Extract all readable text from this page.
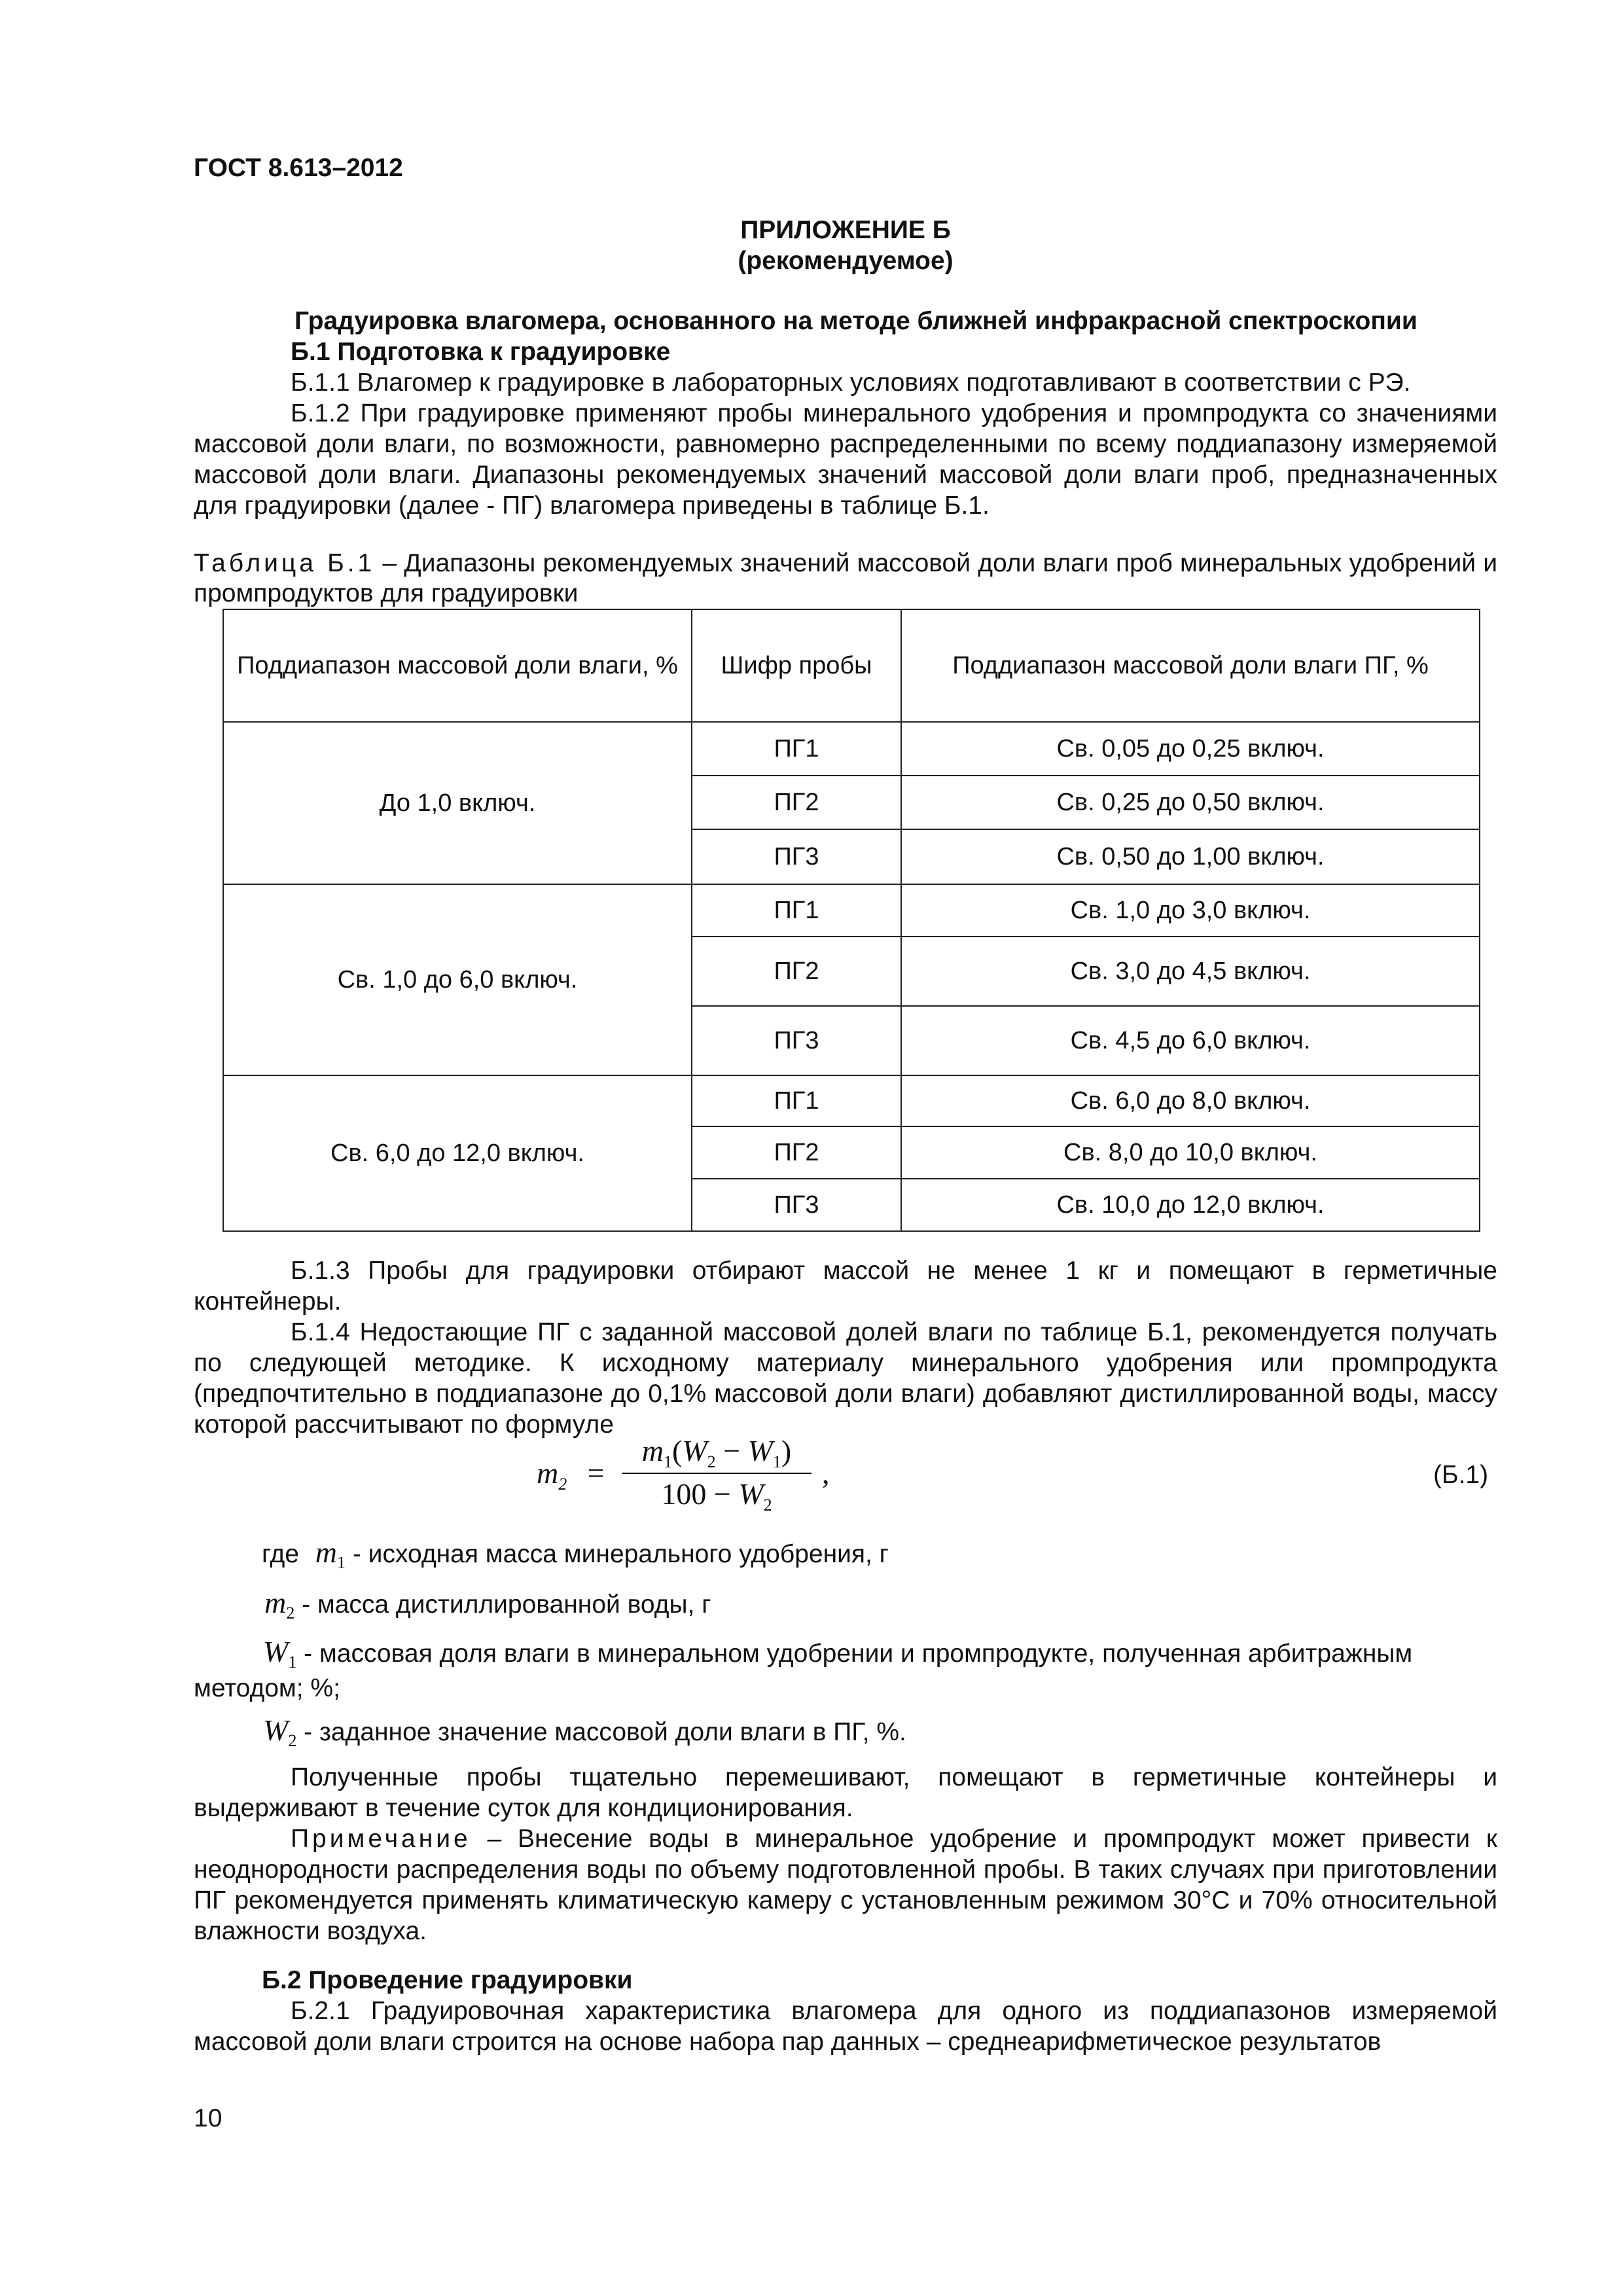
ГОСТ 8.613–2012
ПРИЛОЖЕНИЕ Б
(рекомендуемое)
Градуировка влагомера, основанного на методе ближней инфракрасной спектроскопии
Б.1 Подготовка к градуировке
Б.1.1 Влагомер к градуировке в лабораторных условиях подготавливают в соответствии с РЭ.
Б.1.2 При градуировке применяют пробы минерального удобрения и промпродукта со значениями массовой доли влаги, по возможности, равномерно распределенными по всему поддиапазону измеряемой массовой доли влаги. Диапазоны рекомендуемых значений массовой доли влаги проб, предназначенных для градуировки (далее - ПГ) влагомера приведены в таблице Б.1.
Таблица Б.1 – Диапазоны рекомендуемых значений массовой доли влаги проб минеральных удобрений и промпродуктов для градуировки
Поддиапазон массовой доли влаги, %	Шифр пробы	Поддиапазон массовой доли влаги ПГ, %
До 1,0 включ.	ПГ1	Св. 0,05 до 0,25 включ.
	ПГ2	Св. 0,25 до 0,50 включ.
	ПГ3	Св. 0,50 до 1,00 включ.
Св. 1,0 до 6,0 включ.	ПГ1	Св. 1,0 до 3,0 включ.
	ПГ2	Св. 3,0 до 4,5 включ.
	ПГ3	Св. 4,5 до 6,0 включ.
Св. 6,0 до 12,0 включ.	ПГ1	Св. 6,0 до 8,0 включ.
	ПГ2	Св. 8,0 до 10,0 включ.
	ПГ3	Св. 10,0 до 12,0 включ.
Б.1.3 Пробы для градуировки отбирают массой не менее 1 кг и помещают в герметичные контейнеры.
Б.1.4 Недостающие ПГ с заданной массовой долей влаги по таблице Б.1, рекомендуется получать по следующей методике. К исходному материалу минерального удобрения или промпродукта (предпочтительно в поддиапазоне до 0,1% массовой доли влаги) добавляют дистиллированной воды, массу которой рассчитывают по формуле
$m_2$ =
$m_1(W_2 - W_1)$
$100 - W_2$
,	(Б.1)
где $m_1$ - исходная масса минерального удобрения, г
$m_2$ - масса дистиллированной воды, г
$W_1$ - массовая доля влаги в минеральном удобрении и промпродукте, полученная арбитражным
методом; %;
$W_2$ - заданное значение массовой доли влаги в ПГ, %.
Полученные пробы тщательно перемешивают, помещают в герметичные контейнеры и выдерживают в течение суток для кондиционирования.
Примечание – Внесение воды в минеральное удобрение и промпродукт может привести к неоднородности распределения воды по объему подготовленной пробы. В таких случаях при приготовлении ПГ рекомендуется применять климатическую камеру с установленным режимом 30°С и 70% относительной влажности воздуха.
Б.2 Проведение градуировки
Б.2.1 Градуировочная характеристика влагомера для одного из поддиапазонов измеряемой массовой доли влаги строится на основе набора пар данных – среднеарифметическое результатов
10
